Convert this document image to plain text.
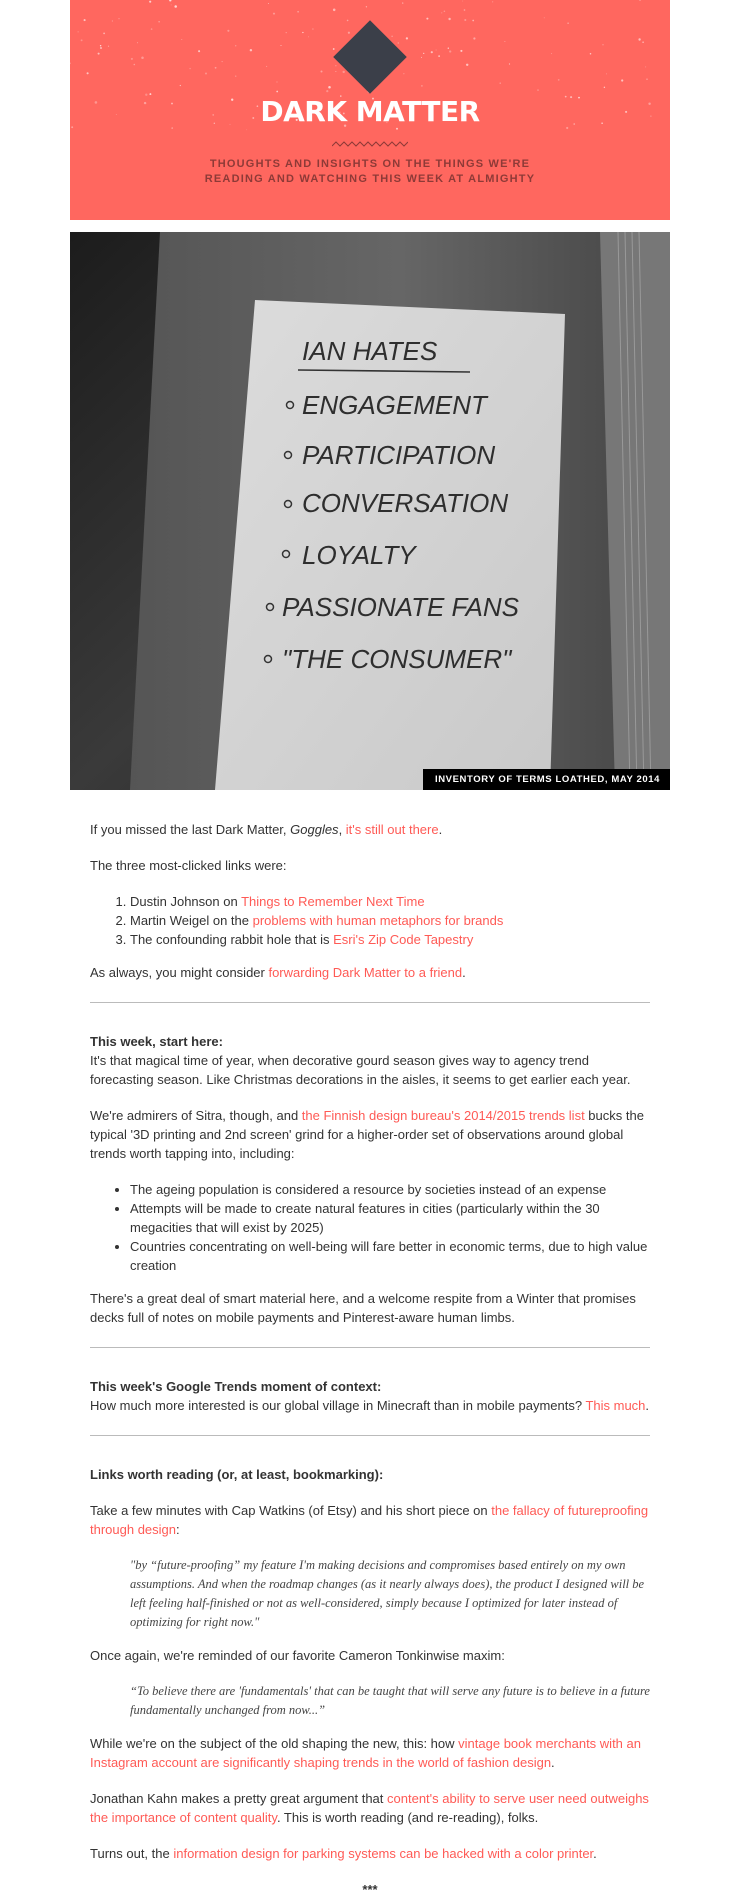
DARK MATTER
THOUGHTS AND INSIGHTS ON THE THINGS WE'RE
READING AND WATCHING THIS WEEK AT ALMIGHTY
IAN HATES
ENGAGEMENT
PARTICIPATION
CONVERSATION
LOYALTY
PASSIONATE FANS
"THE CONSUMER"
INVENTORY OF TERMS LOATHED, MAY 2014

If you missed the last Dark Matter, Goggles, it's still out there.

The three most-clicked links were:

1. Dustin Johnson on Things to Remember Next Time
2. Martin Weigel on the problems with human metaphors for brands
3. The confounding rabbit hole that is Esri's Zip Code Tapestry

As always, you might consider forwarding Dark Matter to a friend.

This week, start here:

It's that magical time of year, when decorative gourd season gives way to agency trend forecasting season. Like Christmas decorations in the aisles, it seems to get earlier each year.

We're admirers of Sitra, though, and the Finnish design bureau's 2014/2015 trends list bucks the typical '3D printing and 2nd screen' grind for a higher-order set of observations around global trends worth tapping into, including:

• The ageing population is considered a resource by societies instead of an expense
• Attempts will be made to create natural features in cities (particularly within the 30 megacities that will exist by 2025)
• Countries concentrating on well-being will fare better in economic terms, due to high value creation

There's a great deal of smart material here, and a welcome respite from a Winter that promises decks full of notes on mobile payments and Pinterest-aware human limbs.

This week's Google Trends moment of context:

How much more interested is our global village in Minecraft than in mobile payments? This much.

Links worth reading (or, at least, bookmarking):

Take a few minutes with Cap Watkins (of Etsy) and his short piece on the fallacy of futureproofing through design:

"by “future-proofing” my feature I'm making decisions and compromises based entirely on my own assumptions. And when the roadmap changes (as it nearly always does), the product I designed will be left feeling half-finished or not as well-considered, simply because I optimized for later instead of optimizing for right now."

Once again, we're reminded of our favorite Cameron Tonkinwise maxim:

“To believe there are 'fundamentals' that can be taught that will serve any future is to believe in a future fundamentally unchanged from now...”

While we're on the subject of the old shaping the new, this: how vintage book merchants with an Instagram account are significantly shaping trends in the world of fashion design.

Jonathan Kahn makes a pretty great argument that content's ability to serve user need outweighs the importance of content quality. This is worth reading (and re-reading), folks.

Turns out, the information design for parking systems can be hacked with a color printer.

***
